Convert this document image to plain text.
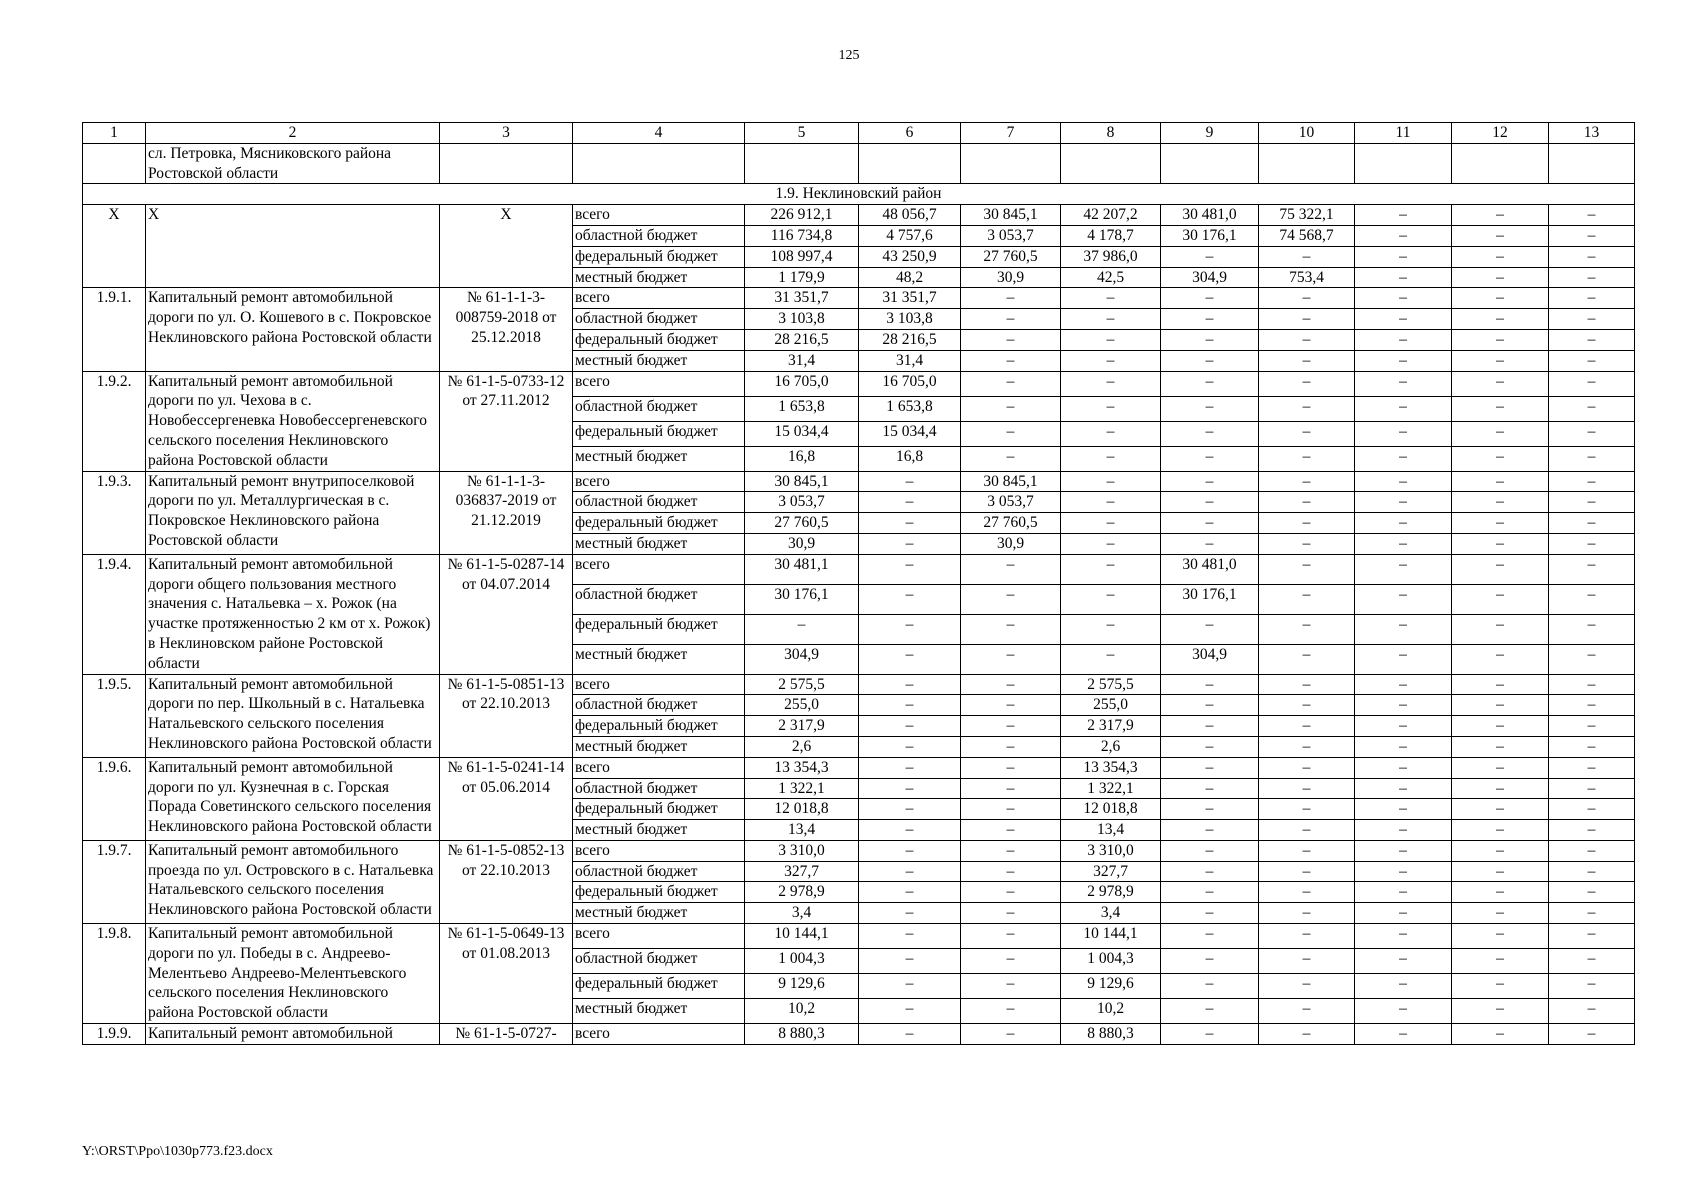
125
1	2	3	4	5	6	7	8	9	10	11	12	13
	сл. Петровка, Мясниковского района Ростовской области											
1.9. Неклиновский район												
X	X	X	всего	226 912,1	48 056,7	30 845,1	42 207,2	30 481,0	75 322,1	–	–	–
			областной бюджет	116 734,8	4 757,6	3 053,7	4 178,7	30 176,1	74 568,7	–	–	–
			федеральный бюджет	108 997,4	43 250,9	27 760,5	37 986,0	–	–	–	–	–
			местный бюджет	1 179,9	48,2	30,9	42,5	304,9	753,4	–	–	–
1.9.1.	Капитальный ремонт автомобильной дороги по ул. О. Кошевого в с. Покровское Неклиновского района Ростовской области	№ 61-1-1-3-008759-2018 от 25.12.2018	всего	31 351,7	31 351,7	–	–	–	–	–	–	–
			областной бюджет	3 103,8	3 103,8	–	–	–	–	–	–	–
			федеральный бюджет	28 216,5	28 216,5	–	–	–	–	–	–	–
			местный бюджет	31,4	31,4	–	–	–	–	–	–	–
1.9.2.	Капитальный ремонт автомобильной дороги по ул. Чехова в с. Новобессергеневка Новобессергеневского сельского поселения Неклиновского района Ростовской области	№ 61-1-5-0733-12 от 27.11.2012	всего	16 705,0	16 705,0	–	–	–	–	–	–	–
			областной бюджет	1 653,8	1 653,8	–	–	–	–	–	–	–
			федеральный бюджет	15 034,4	15 034,4	–	–	–	–	–	–	–
			местный бюджет	16,8	16,8	–	–	–	–	–	–	–
1.9.3.	Капитальный ремонт внутрипоселковой дороги по ул. Металлургическая в с. Покровское Неклиновского района Ростовской области	№ 61-1-1-3-036837-2019 от 21.12.2019	всего	30 845,1	–	30 845,1	–	–	–	–	–	–
			областной бюджет	3 053,7	–	3 053,7	–	–	–	–	–	–
			федеральный бюджет	27 760,5	–	27 760,5	–	–	–	–	–	–
			местный бюджет	30,9	–	30,9	–	–	–	–	–	–
1.9.4.	Капитальный ремонт автомобильной дороги общего пользования местного значения с. Натальевка – х. Рожок (на участке протяженностью 2 км от х. Рожок) в Неклиновском районе Ростовской области	№ 61-1-5-0287-14 от 04.07.2014	всего	30 481,1	–	–	–	30 481,0	–	–	–	–
			областной бюджет	30 176,1	–	–	–	30 176,1	–	–	–	–
			федеральный бюджет	–	–	–	–	–	–	–	–	–
			местный бюджет	304,9	–	–	–	304,9	–	–	–	–
1.9.5.	Капитальный ремонт автомобильной дороги по пер. Школьный в с. Натальевка Натальевского сельского поселения Неклиновского района Ростовской области	№ 61-1-5-0851-13 от 22.10.2013	всего	2 575,5	–	–	2 575,5	–	–	–	–	–
			областной бюджет	255,0	–	–	255,0	–	–	–	–	–
			федеральный бюджет	2 317,9	–	–	2 317,9	–	–	–	–	–
			местный бюджет	2,6	–	–	2,6	–	–	–	–	–
1.9.6.	Капитальный ремонт автомобильной дороги по ул. Кузнечная в с. Горская Порада Советинского сельского поселения Неклиновского района Ростовской области	№ 61-1-5-0241-14 от 05.06.2014	всего	13 354,3	–	–	13 354,3	–	–	–	–	–
			областной бюджет	1 322,1	–	–	1 322,1	–	–	–	–	–
			федеральный бюджет	12 018,8	–	–	12 018,8	–	–	–	–	–
			местный бюджет	13,4	–	–	13,4	–	–	–	–	–
1.9.7.	Капитальный ремонт автомобильного проезда по ул. Островского в с. Натальевка Натальевского сельского поселения Неклиновского района Ростовской области	№ 61-1-5-0852-13 от 22.10.2013	всего	3 310,0	–	–	3 310,0	–	–	–	–	–
			областной бюджет	327,7	–	–	327,7	–	–	–	–	–
			федеральный бюджет	2 978,9	–	–	2 978,9	–	–	–	–	–
			местный бюджет	3,4	–	–	3,4	–	–	–	–	–
1.9.8.	Капитальный ремонт автомобильной дороги по ул. Победы в с. Андреево-Мелентьево Андреево-Мелентьевского сельского поселения Неклиновского района Ростовской области	№ 61-1-5-0649-13 от 01.08.2013	всего	10 144,1	–	–	10 144,1	–	–	–	–	–
			областной бюджет	1 004,3	–	–	1 004,3	–	–	–	–	–
			федеральный бюджет	9 129,6	–	–	9 129,6	–	–	–	–	–
			местный бюджет	10,2	–	–	10,2	–	–	–	–	–
1.9.9.	Капитальный ремонт автомобильной	№ 61-1-5-0727-	всего	8 880,3	–	–	8 880,3	–	–	–	–	–
Y:\ORST\Ppo\1030p773.f23.docx
